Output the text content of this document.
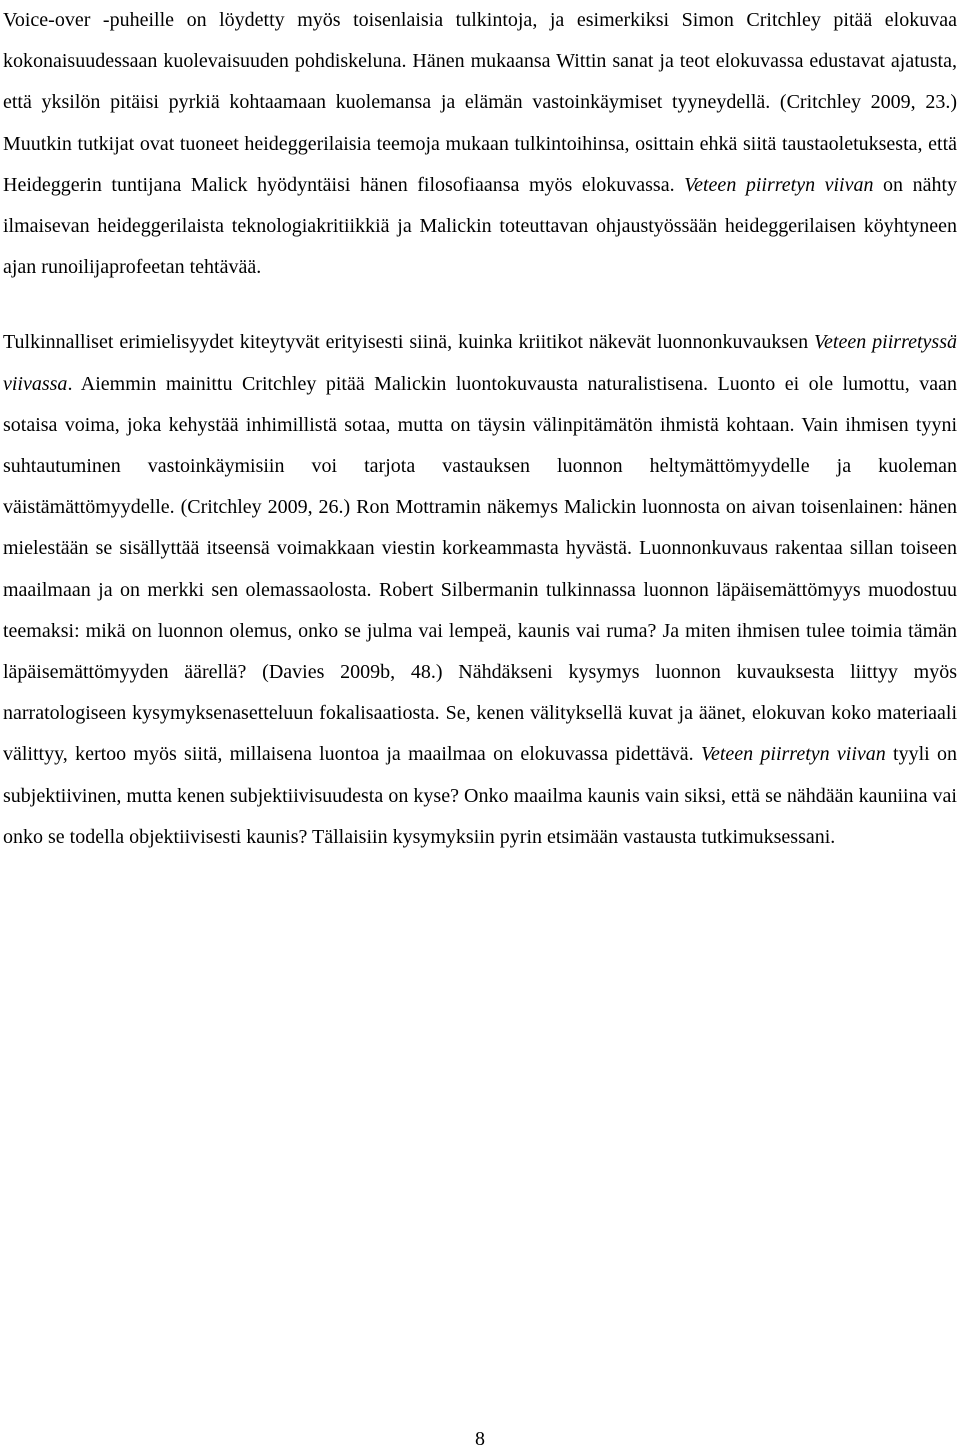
Voice-over -puheille on löydetty myös toisenlaisia tulkintoja, ja esimerkiksi Simon Critchley pitää elokuvaa kokonaisuudessaan kuolevaisuuden pohdiskeluna. Hänen mukaansa Wittin sanat ja teot elokuvassa edustavat ajatusta, että yksilön pitäisi pyrkiä kohtaamaan kuolemansa ja elämän vastoinkäymiset tyyneydellä. (Critchley 2009, 23.) Muutkin tutkijat ovat tuoneet heideggerilaisia teemoja mukaan tulkintoihinsa, osittain ehkä siitä taustaoletuksesta, että Heideggerin tuntijana Malick hyödyntäisi hänen filosofiaansa myös elokuvassa. Veteen piirretyn viivan on nähty ilmaisevan heideggerilaista teknologiakritiikkiä ja Malickin toteuttavan ohjaustyössään heideggerilaisen köyhtyneen ajan runoilijaprofeetan tehtävää.

Tulkinnalliset erimielisyydet kiteytyvät erityisesti siinä, kuinka kriitikot näkevät luonnonkuvauksen Veteen piirretyssä viivassa. Aiemmin mainittu Critchley pitää Malickin luontokuvausta naturalistisena. Luonto ei ole lumottu, vaan sotaisa voima, joka kehystää inhimillistä sotaa, mutta on täysin välinpitämätön ihmistä kohtaan. Vain ihmisen tyyni suhtautuminen vastoinkäymisiin voi tarjota vastauksen luonnon heltymättömyydelle ja kuoleman väistämättömyydelle. (Critchley 2009, 26.) Ron Mottramin näkemys Malickin luonnosta on aivan toisenlainen: hänen mielestään se sisällyttää itseensä voimakkaan viestin korkeammasta hyvästä. Luonnonkuvaus rakentaa sillan toiseen maailmaan ja on merkki sen olemassaolosta. Robert Silbermanin tulkinnassa luonnon läpäisemättömyys muodostuu teemaksi: mikä on luonnon olemus, onko se julma vai lempeä, kaunis vai ruma? Ja miten ihmisen tulee toimia tämän läpäisemättömyyden äärellä? (Davies 2009b, 48.) Nähdäkseni kysymys luonnon kuvauksesta liittyy myös narratologiseen kysymyksenasetteluun fokalisaatiosta. Se, kenen välityksellä kuvat ja äänet, elokuvan koko materiaali välittyy, kertoo myös siitä, millaisena luontoa ja maailmaa on elokuvassa pidettävä. Veteen piirretyn viivan tyyli on subjektiivinen, mutta kenen subjektiivisuudesta on kyse? Onko maailma kaunis vain siksi, että se nähdään kauniina vai onko se todella objektiivisesti kaunis? Tällaisiin kysymyksiin pyrin etsimään vastausta tutkimuksessani.

8
